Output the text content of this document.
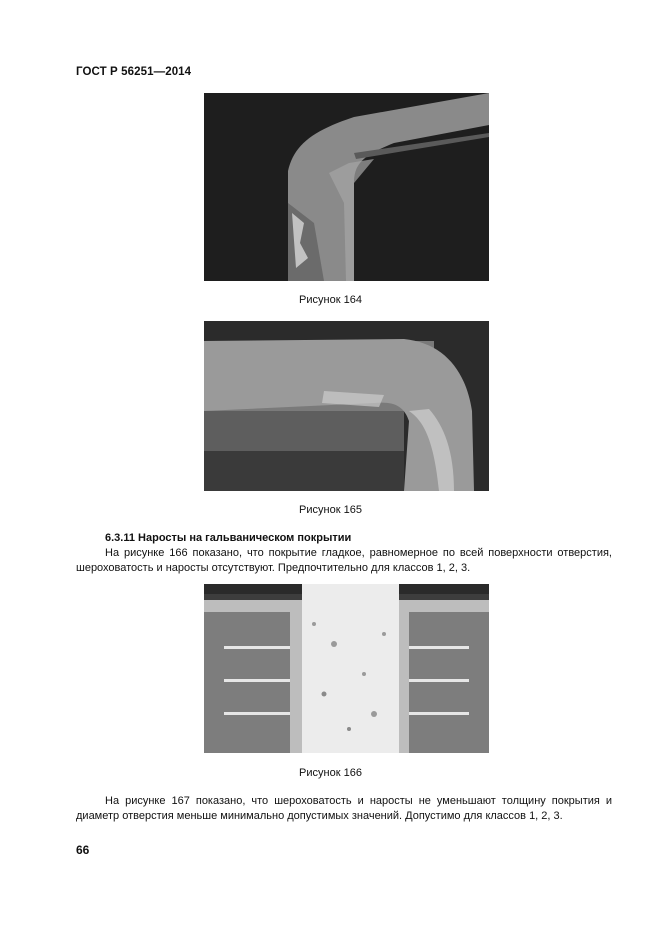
ГОСТ Р 56251—2014
Рисунок 164
Рисунок 165
6.3.11 Наросты на гальваническом покрытии

На рисунке 166 показано, что покрытие гладкое, равномерное по всей поверхности отверстия, шероховатость и наросты отсутствуют. Предпочтительно для классов 1, 2, 3.

Рисунок 166

На рисунке 167 показано, что шероховатость и наросты не уменьшают толщину покрытия и диаметр отверстия меньше минимально допустимых значений. Допустимо для классов 1, 2, 3.

66
